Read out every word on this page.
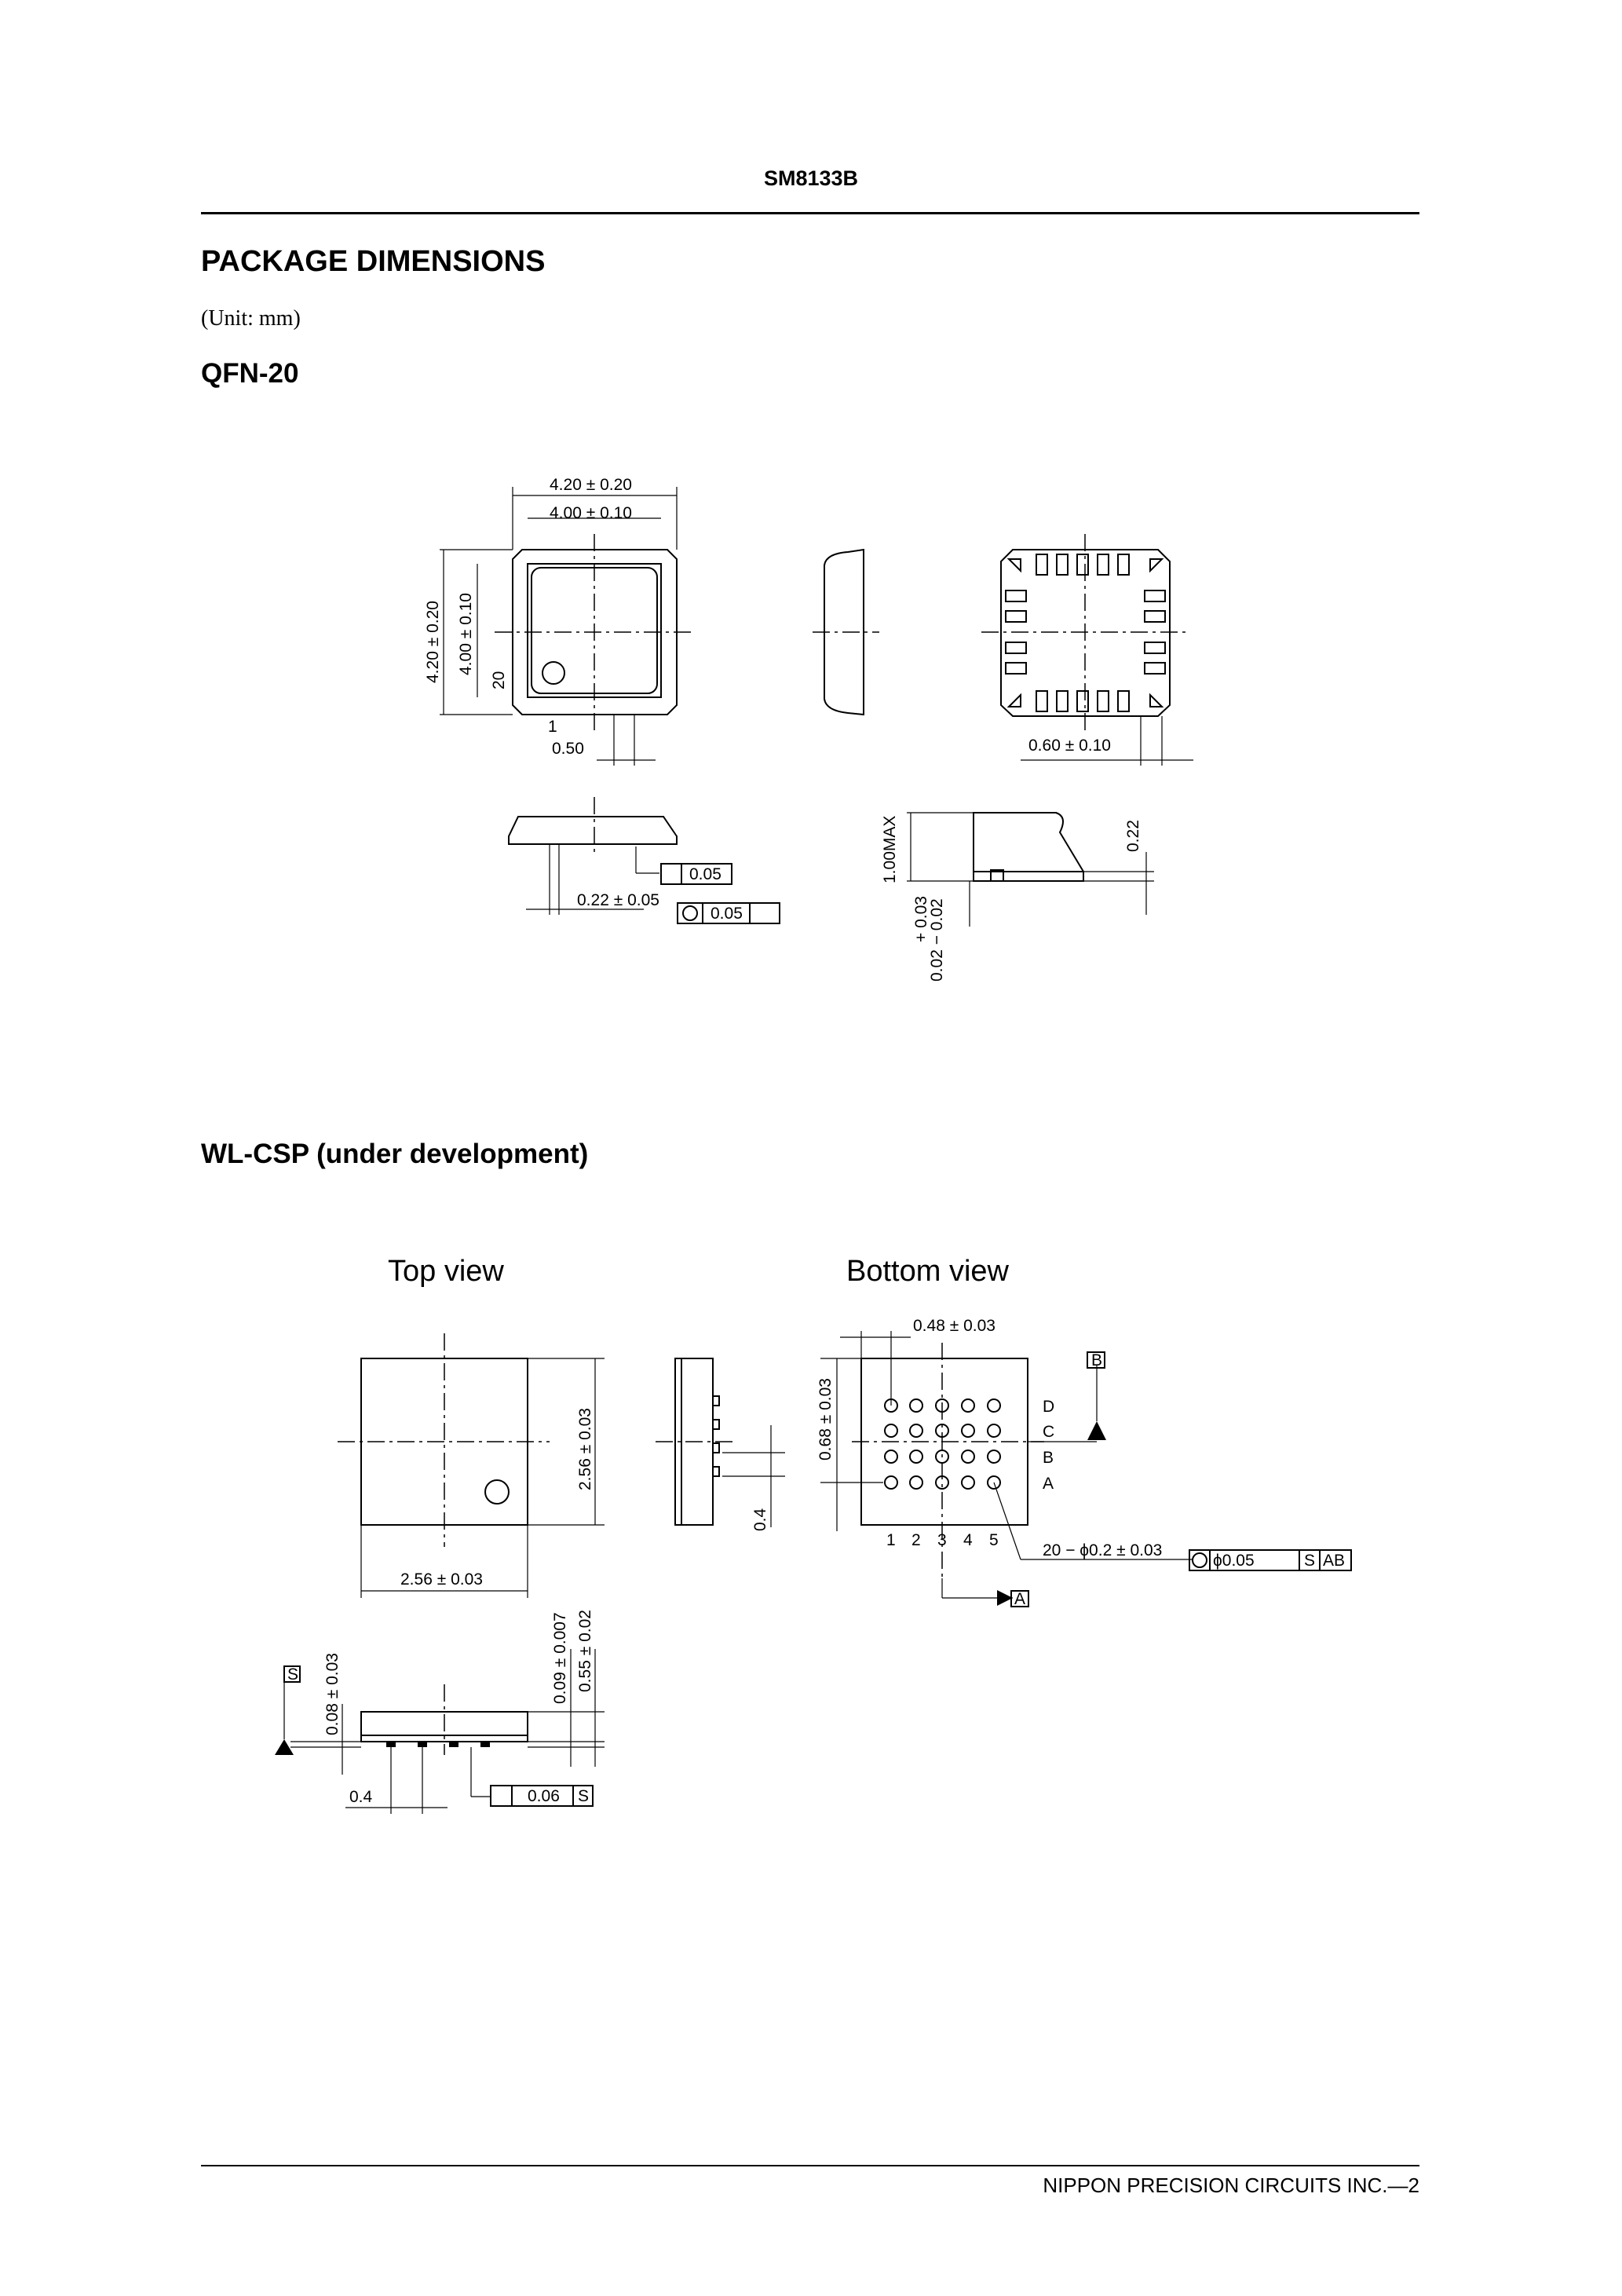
SM8133B
PACKAGE DIMENSIONS
(Unit: mm)
QFN-20
4.20 ± 0.20
4.00 ± 0.10
4.20 ± 0.20 4.00 ± 0.10
20
1
0.50	0.60 ± 0.10
0.05
0.22 ± 0.05
0.05
1.00MAX	0.22
+ 0.03
0.02 − 0.02
WL-CSP (under development)
Top view	Bottom view
2.56 ± 0.03
2.56 ± 0.03
0.4
0.48 ± 0.03
0.68 ± 0.03	D
C
B
A
1 2 3 4 5
20 − ϕ0.2 ± 0.03
ϕ0.05	S AB
B
A
S 0.08 ± 0.03	0.09 ± 0.007 0.55 ± 0.02
0.4	0.06 S
NIPPON PRECISION CIRCUITS INC.—2
